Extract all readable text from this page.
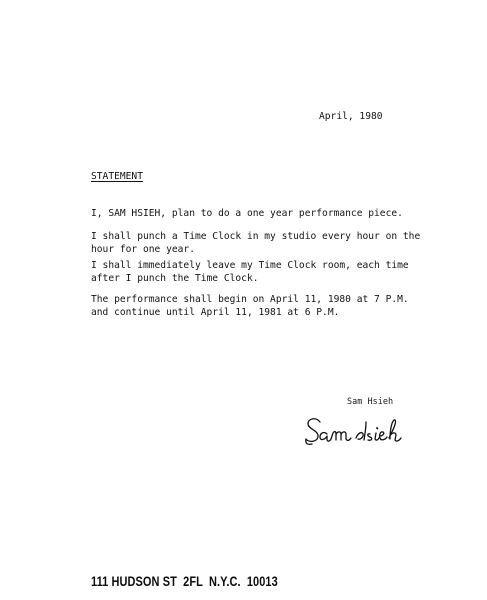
April, 1980
STATEMENT
I, SAM HSIEH, plan to do a one year performance piece.
I shall punch a Time Clock in my studio every hour on the
hour for one year.
I shall immediately leave my Time Clock room, each time
after I punch the Time Clock.
The performance shall begin on April 11, 1980 at 7 P.M.
and continue until April 11, 1981 at 6 P.M.
Sam Hsieh
111 HUDSON ST  2FL  N.Y.C.  10013
